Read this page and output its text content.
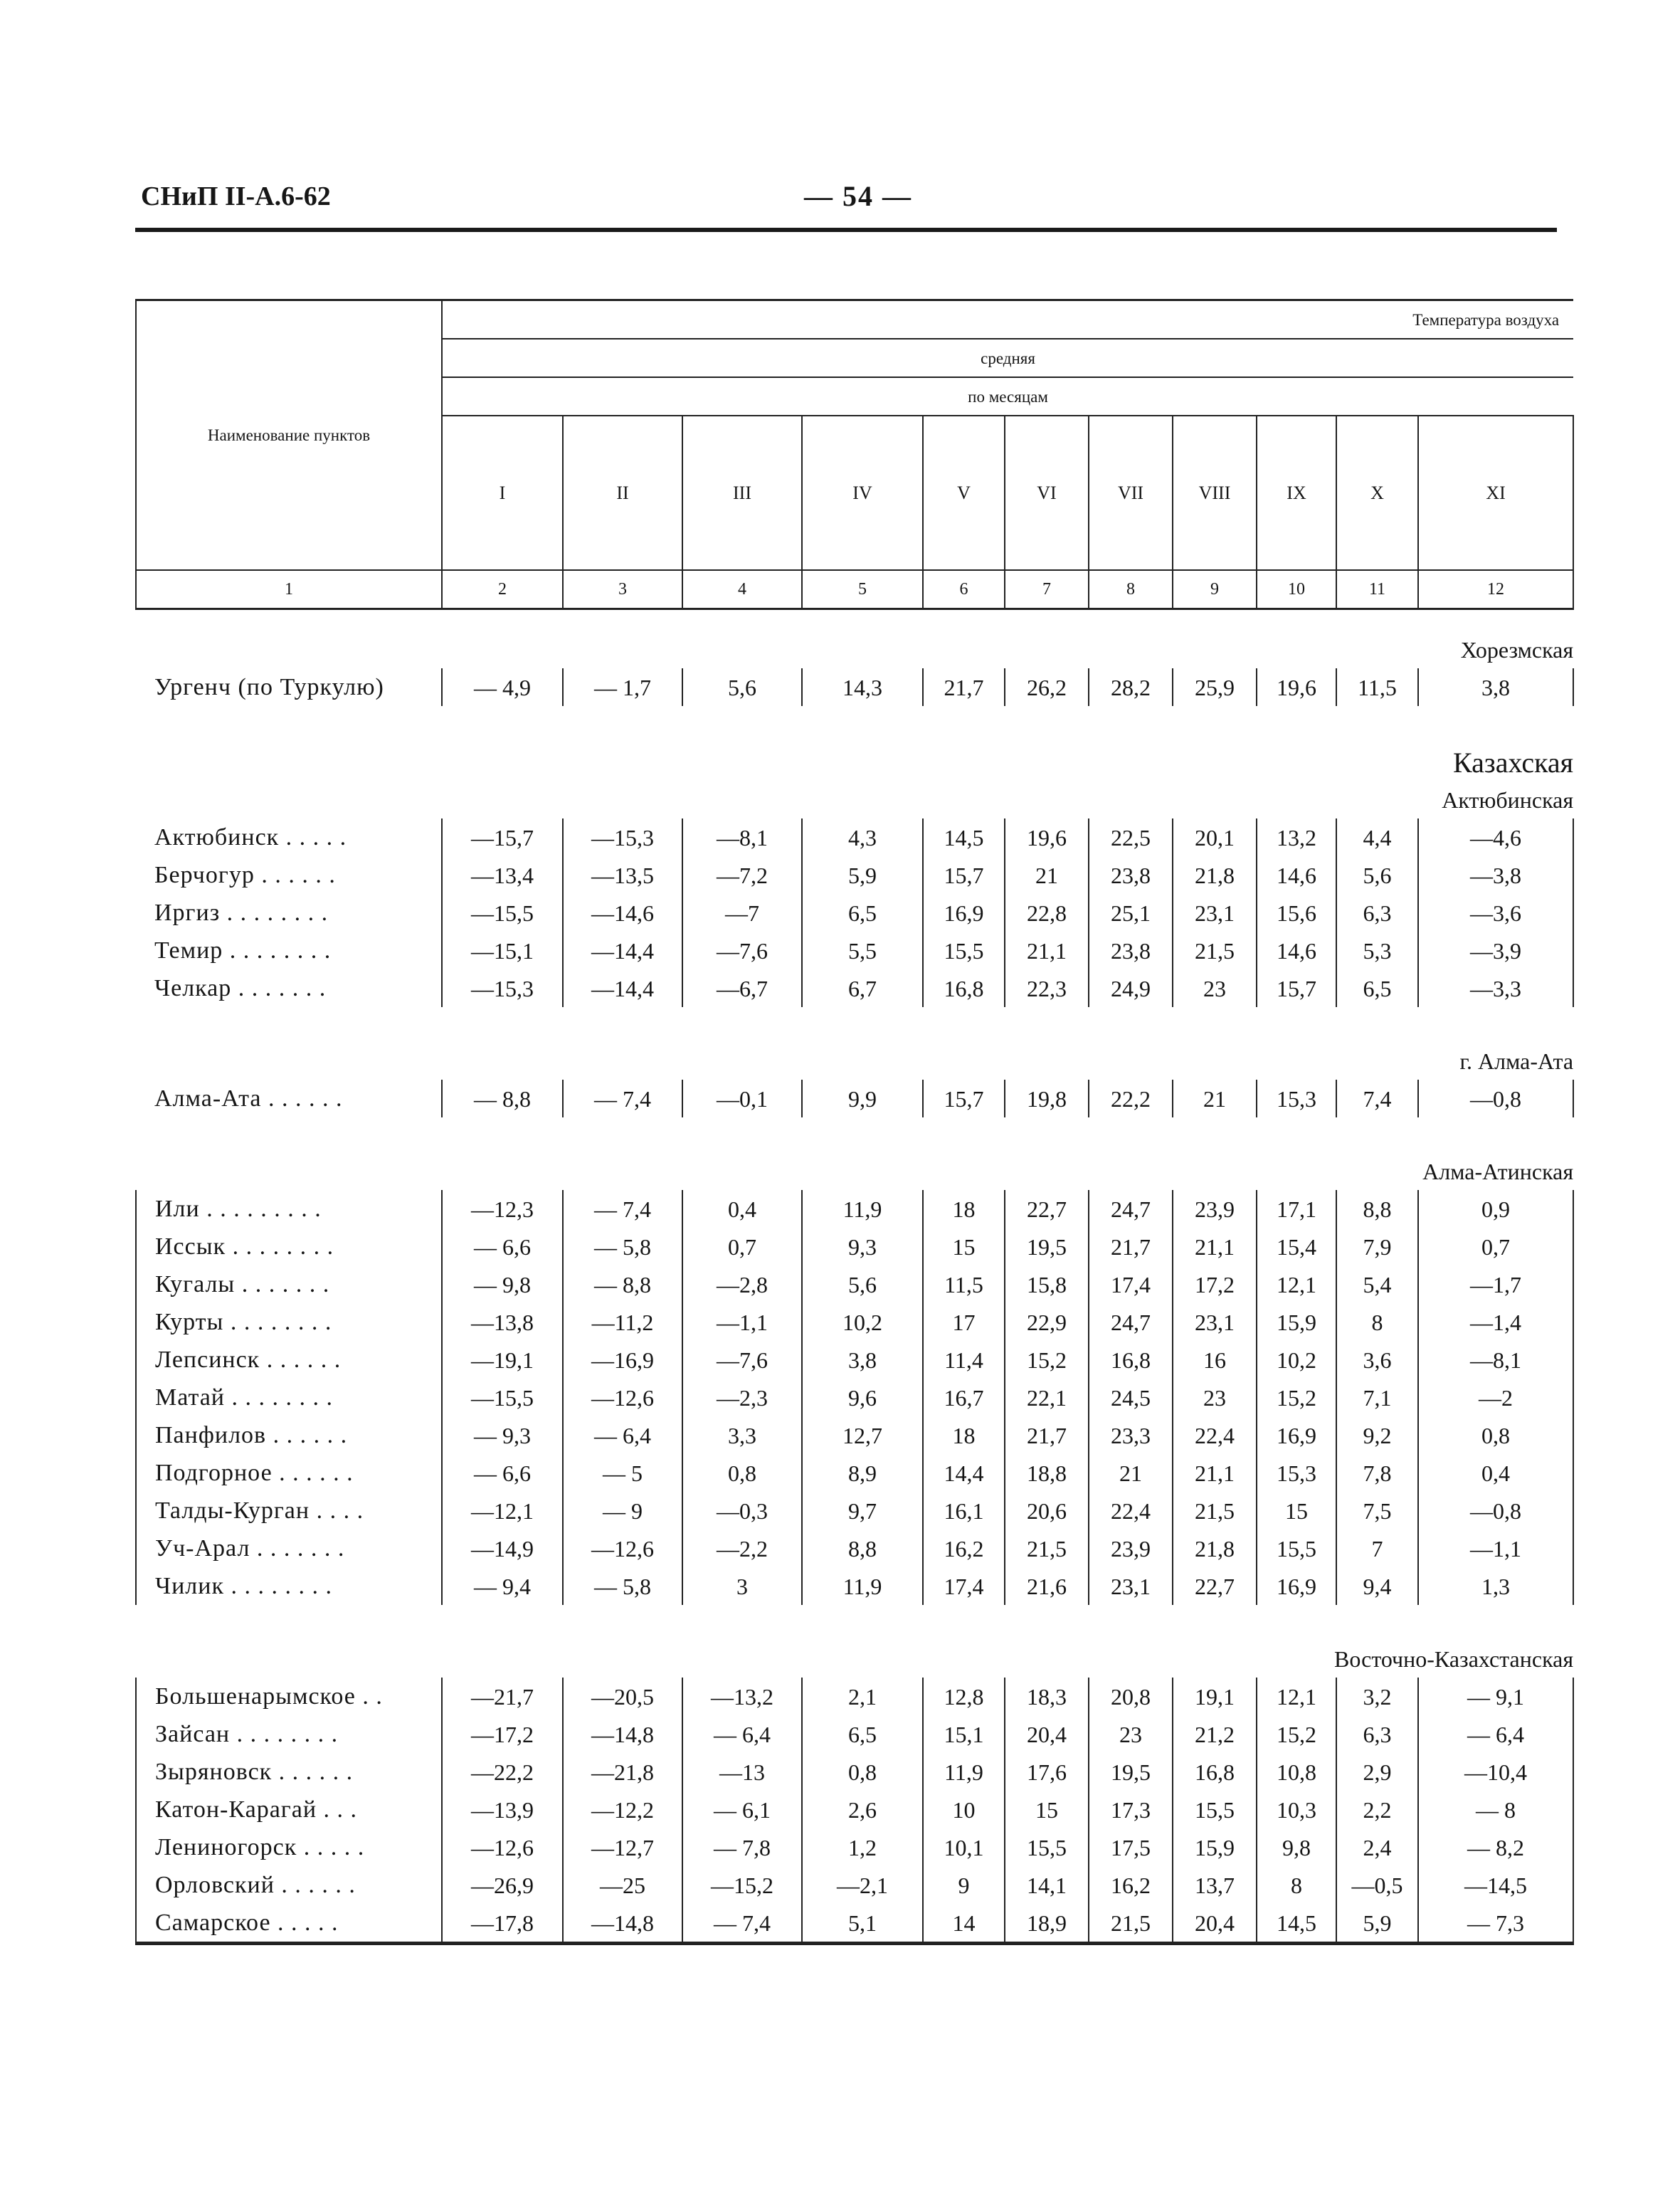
СНиП II-А.6-62	— 54 —
Наименование пунктов	Температура воздуха										
	средняя										
	по месяцам										
	I	II	III	IV	V	VI	VII	VIII	IX	X	XI
1	2	3	4	5	6	7	8	9	10	11	12

Хорезмская											
Ургенч (по Туркулю)	— 4,9	— 1,7	5,6	14,3	21,7	26,2	28,2	25,9	19,6	11,5	3,8

Казахская											
Актюбинская											
Актюбинск . . . . .	—15,7	—15,3	—8,1	4,3	14,5	19,6	22,5	20,1	13,2	4,4	—4,6
Берчогур . . . . . .	—13,4	—13,5	—7,2	5,9	15,7	21	23,8	21,8	14,6	5,6	—3,8
Иргиз . . . . . . . .	—15,5	—14,6	—7	6,5	16,9	22,8	25,1	23,1	15,6	6,3	—3,6
Темир . . . . . . . .	—15,1	—14,4	—7,6	5,5	15,5	21,1	23,8	21,5	14,6	5,3	—3,9
Челкар . . . . . . .	—15,3	—14,4	—6,7	6,7	16,8	22,3	24,9	23	15,7	6,5	—3,3

г. Алма-Ата											
Алма-Ата . . . . . .	— 8,8	— 7,4	—0,1	9,9	15,7	19,8	22,2	21	15,3	7,4	—0,8

Алма-Атинская											
Или . . . . . . . . .	—12,3	— 7,4	0,4	11,9	18	22,7	24,7	23,9	17,1	8,8	0,9
Иссык . . . . . . . .	— 6,6	— 5,8	0,7	9,3	15	19,5	21,7	21,1	15,4	7,9	0,7
Кугалы . . . . . . .	— 9,8	— 8,8	—2,8	5,6	11,5	15,8	17,4	17,2	12,1	5,4	—1,7
Курты . . . . . . . .	—13,8	—11,2	—1,1	10,2	17	22,9	24,7	23,1	15,9	8	—1,4
Лепсинск . . . . . .	—19,1	—16,9	—7,6	3,8	11,4	15,2	16,8	16	10,2	3,6	—8,1
Матай . . . . . . . .	—15,5	—12,6	—2,3	9,6	16,7	22,1	24,5	23	15,2	7,1	—2
Панфилов . . . . . .	— 9,3	— 6,4	3,3	12,7	18	21,7	23,3	22,4	16,9	9,2	0,8
Подгорное . . . . . .	— 6,6	— 5	0,8	8,9	14,4	18,8	21	21,1	15,3	7,8	0,4
Талды-Курган . . . .	—12,1	— 9	—0,3	9,7	16,1	20,6	22,4	21,5	15	7,5	—0,8
Уч-Арал . . . . . . .	—14,9	—12,6	—2,2	8,8	16,2	21,5	23,9	21,8	15,5	7	—1,1
Чилик . . . . . . . .	— 9,4	— 5,8	3	11,9	17,4	21,6	23,1	22,7	16,9	9,4	1,3

Восточно-Казахстанская											
Большенарымское . .	—21,7	—20,5	—13,2	2,1	12,8	18,3	20,8	19,1	12,1	3,2	— 9,1
Зайсан . . . . . . . .	—17,2	—14,8	— 6,4	6,5	15,1	20,4	23	21,2	15,2	6,3	— 6,4
Зыряновск . . . . . .	—22,2	—21,8	—13	0,8	11,9	17,6	19,5	16,8	10,8	2,9	—10,4
Катон-Карагай . . .	—13,9	—12,2	— 6,1	2,6	10	15	17,3	15,5	10,3	2,2	— 8
Лениногорск . . . . .	—12,6	—12,7	— 7,8	1,2	10,1	15,5	17,5	15,9	9,8	2,4	— 8,2
Орловский . . . . . .	—26,9	—25	—15,2	—2,1	9	14,1	16,2	13,7	8	—0,5	—14,5
Самарское . . . . .	—17,8	—14,8	— 7,4	5,1	14	18,9	21,5	20,4	14,5	5,9	— 7,3
